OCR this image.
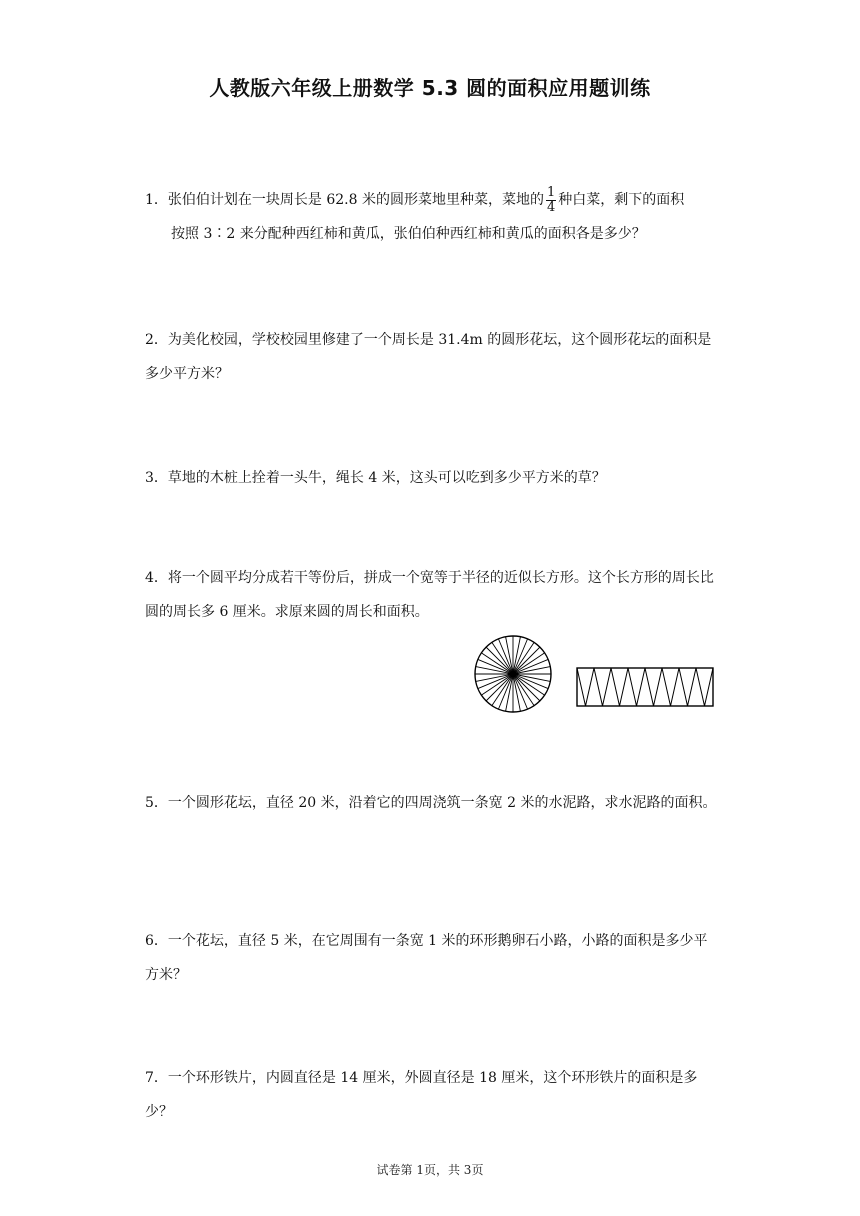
人教版六年级上册数学 5.3 圆的面积应用题训练
1．张伯伯计划在一块周长是 62.8 米的圆形菜地里种菜，菜地的 $\frac{1}{4}$ 种白菜，剩下的面积
按照 3∶2 来分配种西红柿和黄瓜，张伯伯种西红柿和黄瓜的面积各是多少？
2．为美化校园，学校校园里修建了一个周长是 31.4m 的圆形花坛，这个圆形花坛的面积是多少平方米？
3．草地的木桩上拴着一头牛，绳长 4 米，这头可以吃到多少平方米的草？
4．将一个圆平均分成若干等份后，拼成一个宽等于半径的近似长方形。这个长方形的周长比圆的周长多 6 厘米。求原来圆的周长和面积。
5．一个圆形花坛，直径 20 米，沿着它的四周浇筑一条宽 2 米的水泥路，求水泥路的面积。
6．一个花坛，直径 5 米，在它周围有一条宽 1 米的环形鹅卵石小路，小路的面积是多少平方米？
7．一个环形铁片，内圆直径是 14 厘米，外圆直径是 18 厘米，这个环形铁片的面积是多少？
试卷第 1页，共 3页
